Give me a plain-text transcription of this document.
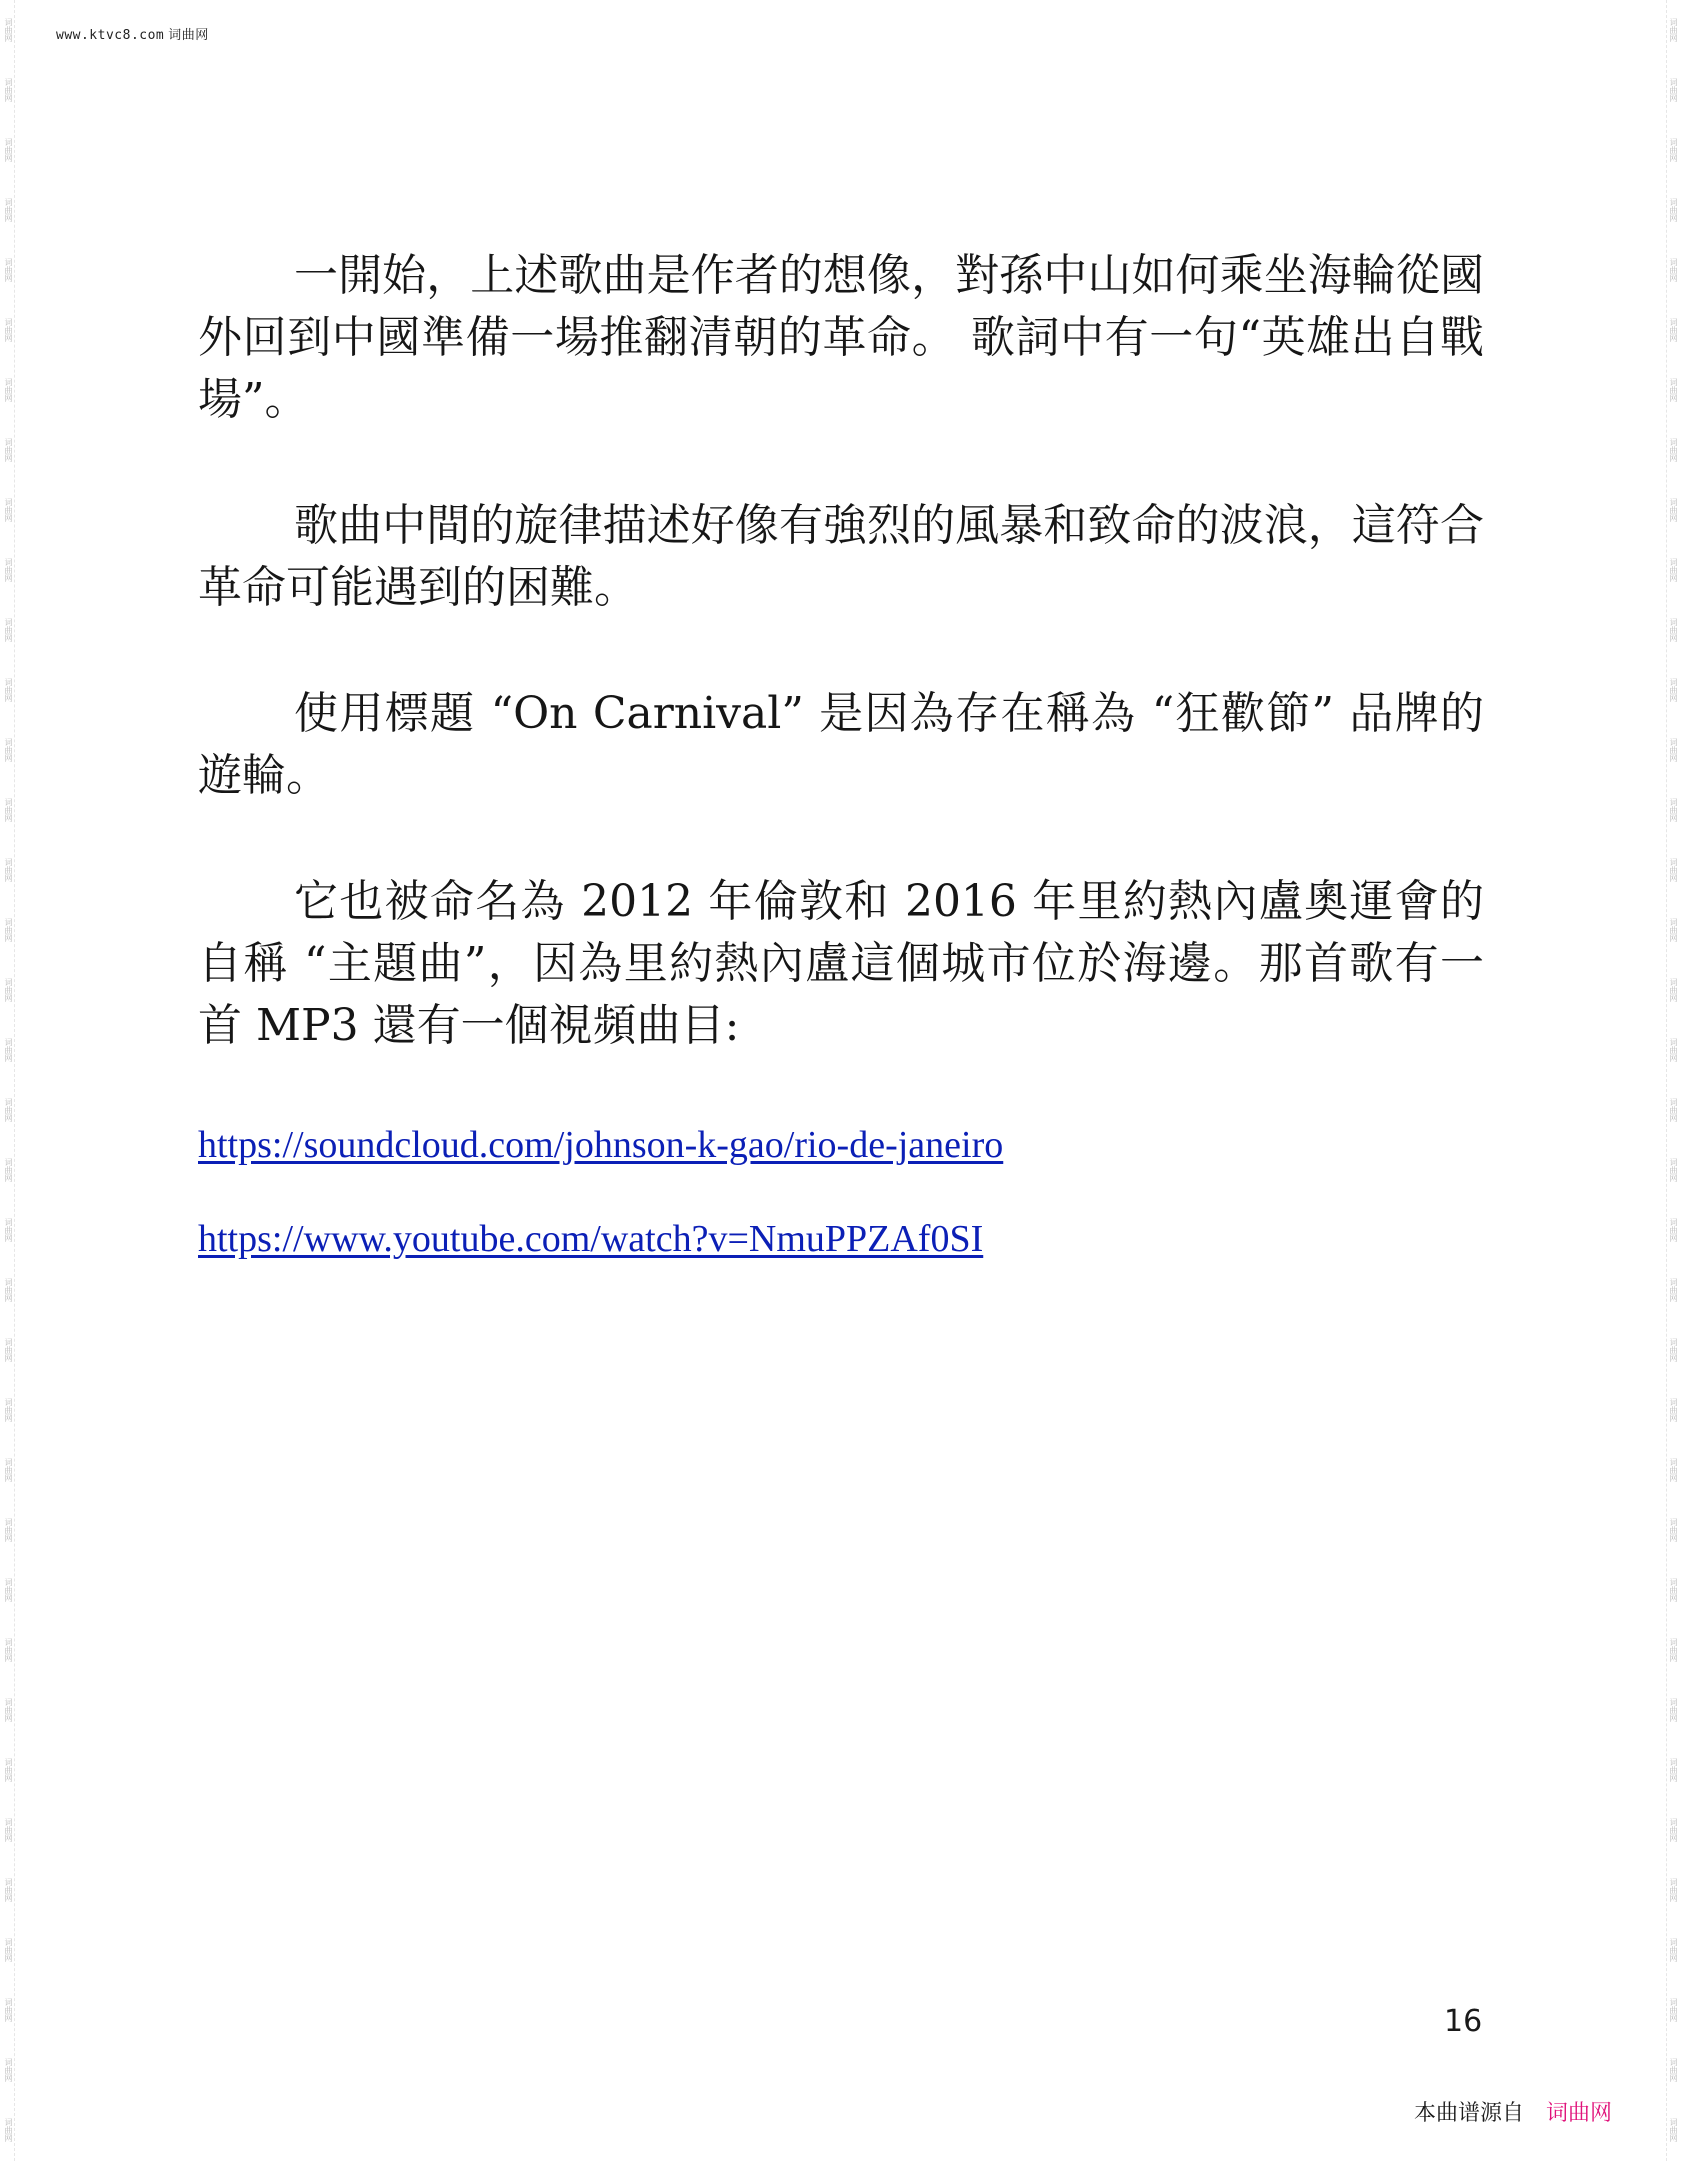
词曲网
词曲网
词曲网
词曲网
词曲网
词曲网
词曲网
词曲网
词曲网
词曲网
词曲网
词曲网
词曲网
词曲网
词曲网
词曲网
词曲网
词曲网
词曲网
词曲网
词曲网
词曲网
词曲网
词曲网
词曲网
词曲网
词曲网
词曲网
词曲网
词曲网
词曲网
词曲网
词曲网
词曲网
词曲网
词曲网
词曲网
词曲网
词曲网
词曲网
词曲网
词曲网
词曲网
词曲网
词曲网
词曲网
词曲网
词曲网
词曲网
词曲网
词曲网
词曲网
词曲网
词曲网
词曲网
词曲网
词曲网
词曲网
词曲网
词曲网
词曲网
词曲网
词曲网
词曲网
词曲网
词曲网
词曲网
词曲网
词曲网
词曲网
词曲网
词曲网
www.ktvc8.com 词曲网

一開始，上述歌曲是作者的想像，對孫中山如何乘坐海輪從國外回到中國準備一場推翻清朝的革命。 歌詞中有一句“英雄出自戰場”。

歌曲中間的旋律描述好像有強烈的風暴和致命的波浪，這符合革命可能遇到的困難。

使用標題 “On Carnival” 是因為存在稱為 “狂歡節” 品牌的遊輪。

它也被命名為 2012 年倫敦和 2016 年里約熱內盧奧運會的自稱 “主題曲”，因為里約熱內盧這個城市位於海邊。那首歌有一首 MP3 還有一個視頻曲目:

https://soundcloud.com/johnson-k-gao/rio-de-janeiro
https://www.youtube.com/watch?v=NmuPPZAf0SI
16
本曲谱源自 词曲网
